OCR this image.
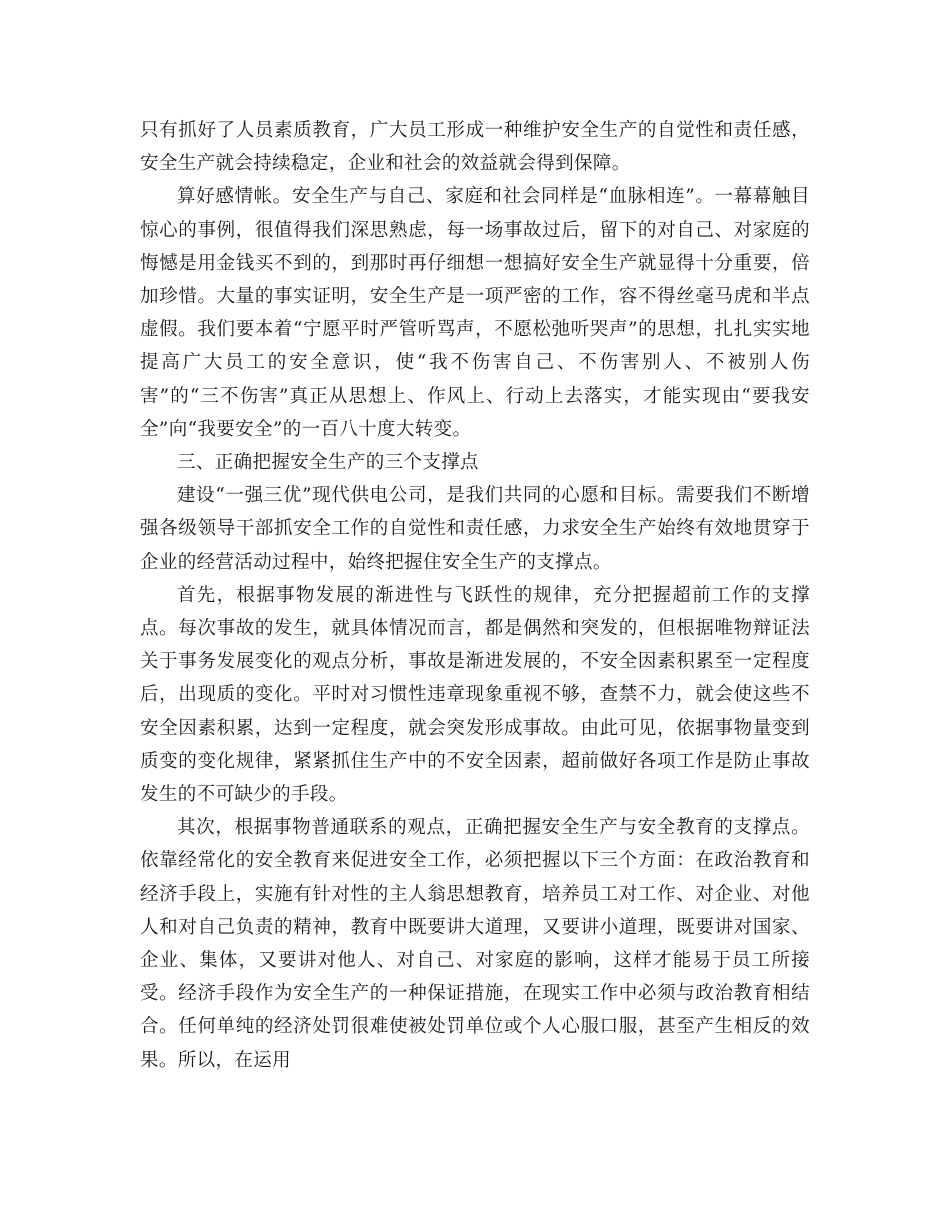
只有抓好了人员素质教育，广大员工形成一种维护安全生产的自觉性和责任感，安全生产就会持续稳定，企业和社会的效益就会得到保障。

算好感情帐。安全生产与自己、家庭和社会同样是“血脉相连”。一幕幕触目惊心的事例，很值得我们深思熟虑，每一场事故过后，留下的对自己、对家庭的悔憾是用金钱买不到的，到那时再仔细想一想搞好安全生产就显得十分重要，倍加珍惜。大量的事实证明，安全生产是一项严密的工作，容不得丝毫马虎和半点虚假。我们要本着“宁愿平时严管听骂声，不愿松弛听哭声”的思想，扎扎实实地提高广大员工的安全意识，使“我不伤害自己、不伤害别人、不被别人伤害”的“三不伤害”真正从思想上、作风上、行动上去落实，才能实现由“要我安全”向“我要安全”的一百八十度大转变。

三、正确把握安全生产的三个支撑点

建设“一强三优”现代供电公司，是我们共同的心愿和目标。需要我们不断增强各级领导干部抓安全工作的自觉性和责任感，力求安全生产始终有效地贯穿于企业的经营活动过程中，始终把握住安全生产的支撑点。

首先，根据事物发展的渐进性与飞跃性的规律，充分把握超前工作的支撑点。每次事故的发生，就具体情况而言，都是偶然和突发的，但根据唯物辩证法关于事务发展变化的观点分析，事故是渐进发展的，不安全因素积累至一定程度后，出现质的变化。平时对习惯性违章现象重视不够，查禁不力，就会使这些不安全因素积累，达到一定程度，就会突发形成事故。由此可见，依据事物量变到质变的变化规律，紧紧抓住生产中的不安全因素，超前做好各项工作是防止事故发生的不可缺少的手段。

其次，根据事物普通联系的观点，正确把握安全生产与安全教育的支撑点。依靠经常化的安全教育来促进安全工作，必须把握以下三个方面：在政治教育和经济手段上，实施有针对性的主人翁思想教育，培养员工对工作、对企业、对他人和对自己负责的精神，教育中既要讲大道理，又要讲小道理，既要讲对国家、企业、集体，又要讲对他人、对自己、对家庭的影响，这样才能易于员工所接受。经济手段作为安全生产的一种保证措施，在现实工作中必须与政治教育相结合。任何单纯的经济处罚很难使被处罚单位或个人心服口服，甚至产生相反的效果。所以，在运用
